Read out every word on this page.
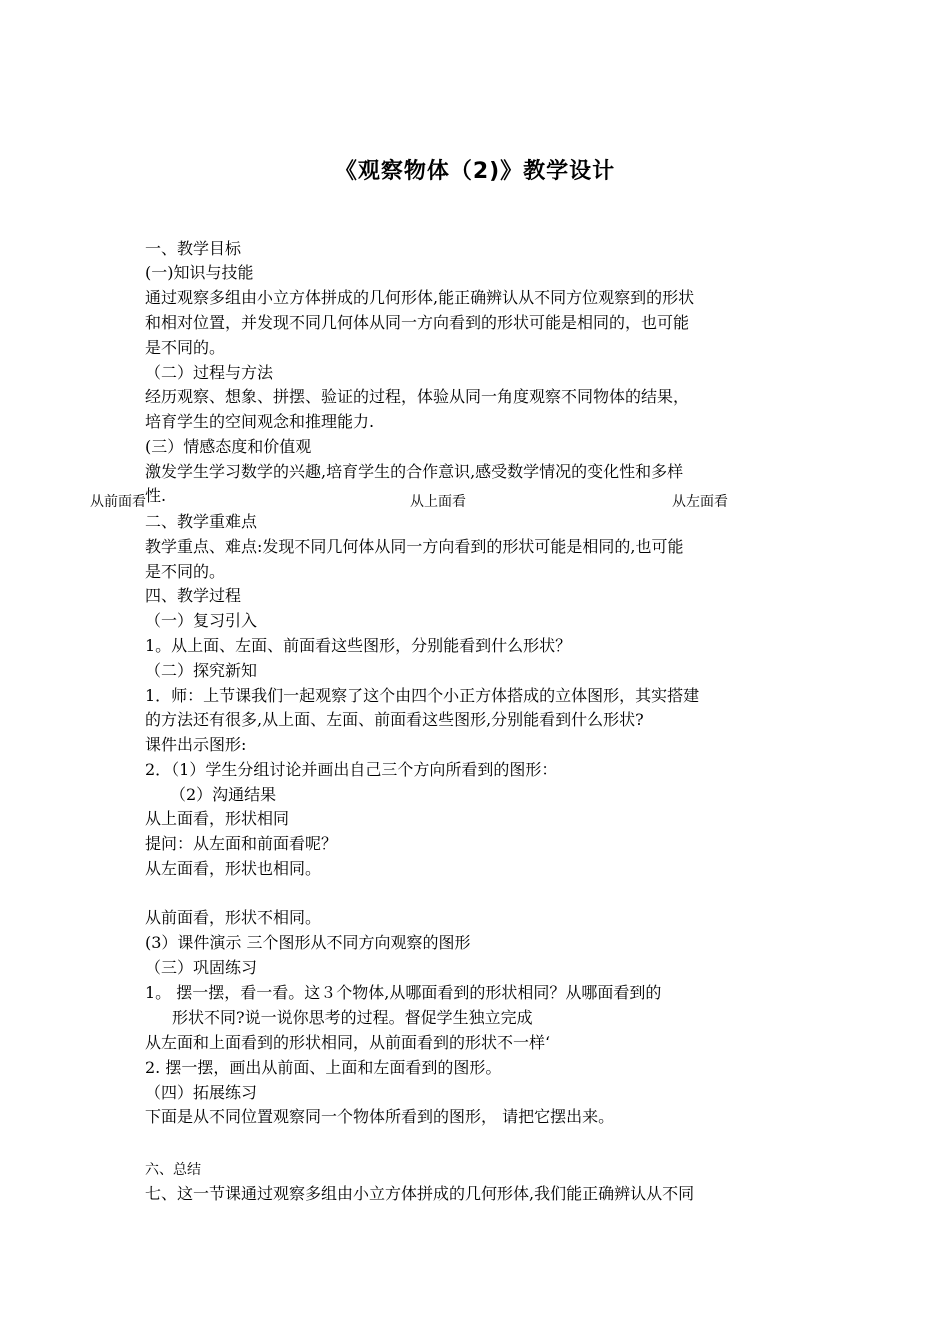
《观察物体（2)》教学设计
一、教学目标
(一)知识与技能
通过观察多组由小立方体拼成的几何形体,能正确辨认从不同方位观察到的形状
和相对位置，并发现不同几何体从同一方向看到的形状可能是相同的，也可能
是不同的。
（二）过程与方法
经历观察、想象、拼摆、验证的过程，体验从同一角度观察不同物体的结果，
培育学生的空间观念和推理能力.
(三）情感态度和价值观
激发学生学习数学的兴趣,培育学生的合作意识,感受数学情况的变化性和多样
性.
从前面看	从上面看	从左面看
二、教学重难点
教学重点、难点:发现不同几何体从同一方向看到的形状可能是相同的,也可能
是不同的。
四、教学过程
（一）复习引入
1。从上面、左面、前面看这些图形，分别能看到什么形状？
（二）探究新知
1．师：上节课我们一起观察了这个由四个小正方体搭成的立体图形，其实搭建
的方法还有很多,从上面、左面、前面看这些图形,分别能看到什么形状?
课件出示图形:
2．（1）学生分组讨论并画出自己三个方向所看到的图形：
（2）沟通结果
从上面看，形状相同
提问：从左面和前面看呢？
从左面看，形状也相同。
从前面看，形状不相同。
(3）课件演示 三个图形从不同方向观察的图形
（三）巩固练习
1。 摆一摆，看一看。这３个物体,从哪面看到的形状相同？从哪面看到的
形状不同?说一说你思考的过程。督促学生独立完成
从左面和上面看到的形状相同，从前面看到的形状不一样‘
2. 摆一摆，画出从前面、上面和左面看到的图形。
（四）拓展练习
下面是从不同位置观察同一个物体所看到的图形， 请把它摆出来。
六、总结
七、这一节课通过观察多组由小立方体拼成的几何形体,我们能正确辨认从不同
